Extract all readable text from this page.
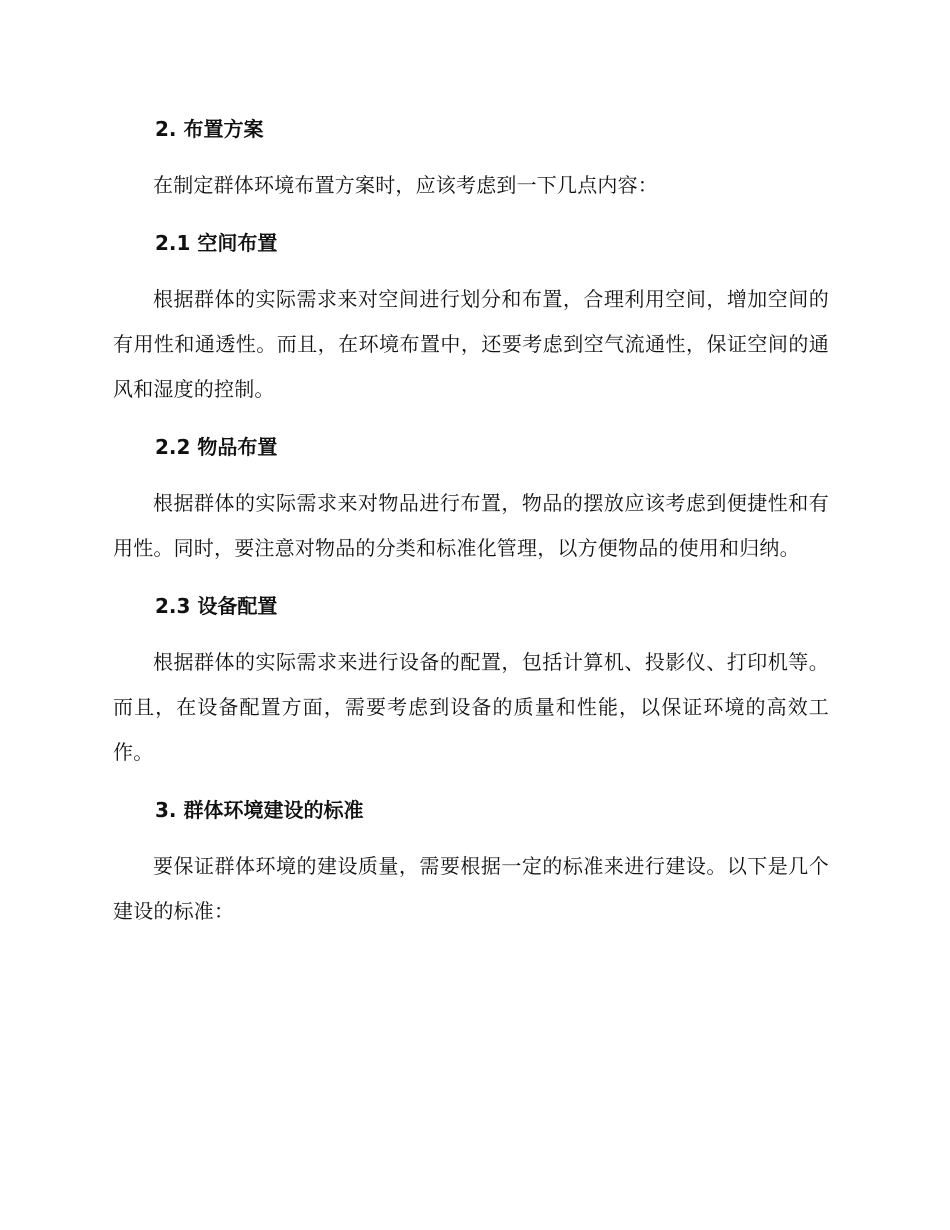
2. 布置方案

在制定群体环境布置方案时，应该考虑到一下几点内容：

2.1 空间布置

根据群体的实际需求来对空间进行划分和布置，合理利用空间，增加空间的有用性和通透性。而且，在环境布置中，还要考虑到空气流通性，保证空间的通风和湿度的控制。

2.2 物品布置

根据群体的实际需求来对物品进行布置，物品的摆放应该考虑到便捷性和有用性。同时，要注意对物品的分类和标准化管理，以方便物品的使用和归纳。

2.3 设备配置

根据群体的实际需求来进行设备的配置，包括计算机、投影仪、打印机等。而且，在设备配置方面，需要考虑到设备的质量和性能，以保证环境的高效工作。

3. 群体环境建设的标准

要保证群体环境的建设质量，需要根据一定的标准来进行建设。以下是几个建设的标准：
